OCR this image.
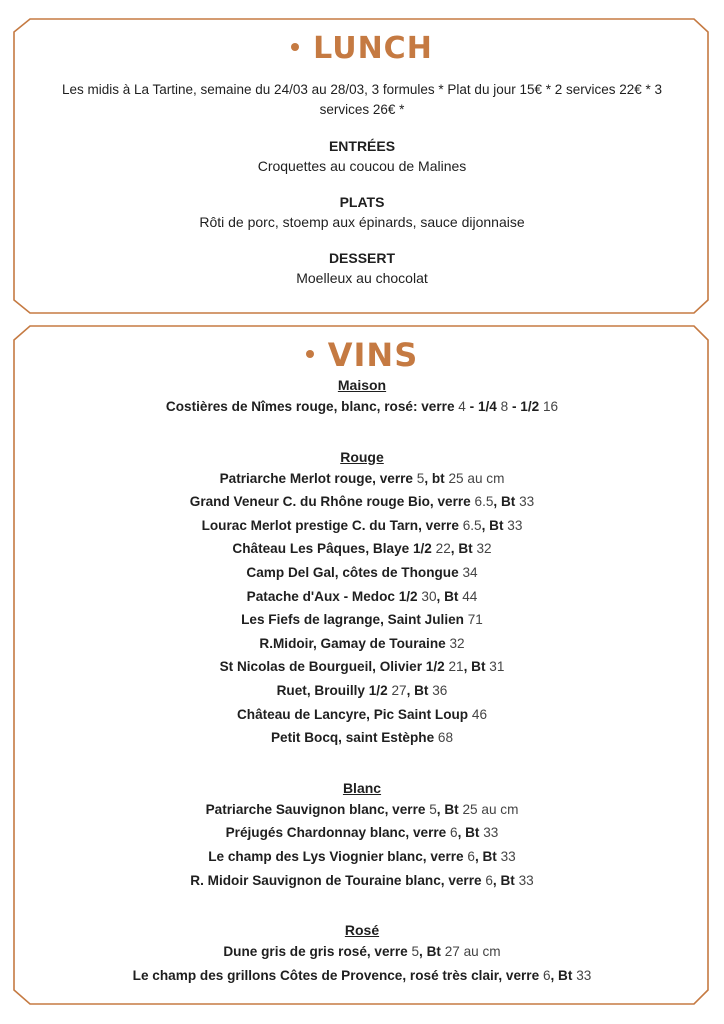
LUNCH
Les midis à La Tartine, semaine du 24/03 au 28/03, 3 formules * Plat du jour 15€ * 2 services 22€ * 3 services 26€ *
ENTRÉES
Croquettes au coucou de Malines
PLATS
Rôti de porc, stoemp aux épinards, sauce dijonnaise
DESSERT
Moelleux au chocolat
VINS
Maison
Costières de Nîmes rouge, blanc, rosé: verre 4 - 1/4 8 - 1/2 16
Rouge
Patriarche Merlot rouge, verre 5, bt 25 au cm
Grand Veneur C. du Rhône rouge Bio, verre 6.5, Bt 33
Lourac Merlot prestige C. du Tarn, verre 6.5, Bt 33
Château Les Pâques, Blaye 1/2 22, Bt 32
Camp Del Gal, côtes de Thongue 34
Patache d'Aux - Medoc 1/2 30, Bt 44
Les Fiefs de lagrange, Saint Julien 71
R.Midoir, Gamay de Touraine 32
St Nicolas de Bourgueil, Olivier 1/2 21, Bt 31
Ruet, Brouilly 1/2 27, Bt 36
Château de Lancyre, Pic Saint Loup 46
Petit Bocq, saint Estèphe 68
Blanc
Patriarche Sauvignon blanc, verre 5, Bt 25 au cm
Préjugés Chardonnay blanc, verre 6, Bt 33
Le champ des Lys Viognier blanc, verre 6, Bt 33
R. Midoir Sauvignon de Touraine blanc, verre 6, Bt 33
Rosé
Dune gris de gris rosé, verre 5, Bt 27 au cm
Le champ des grillons Côtes de Provence, rosé très clair, verre 6, Bt 33
